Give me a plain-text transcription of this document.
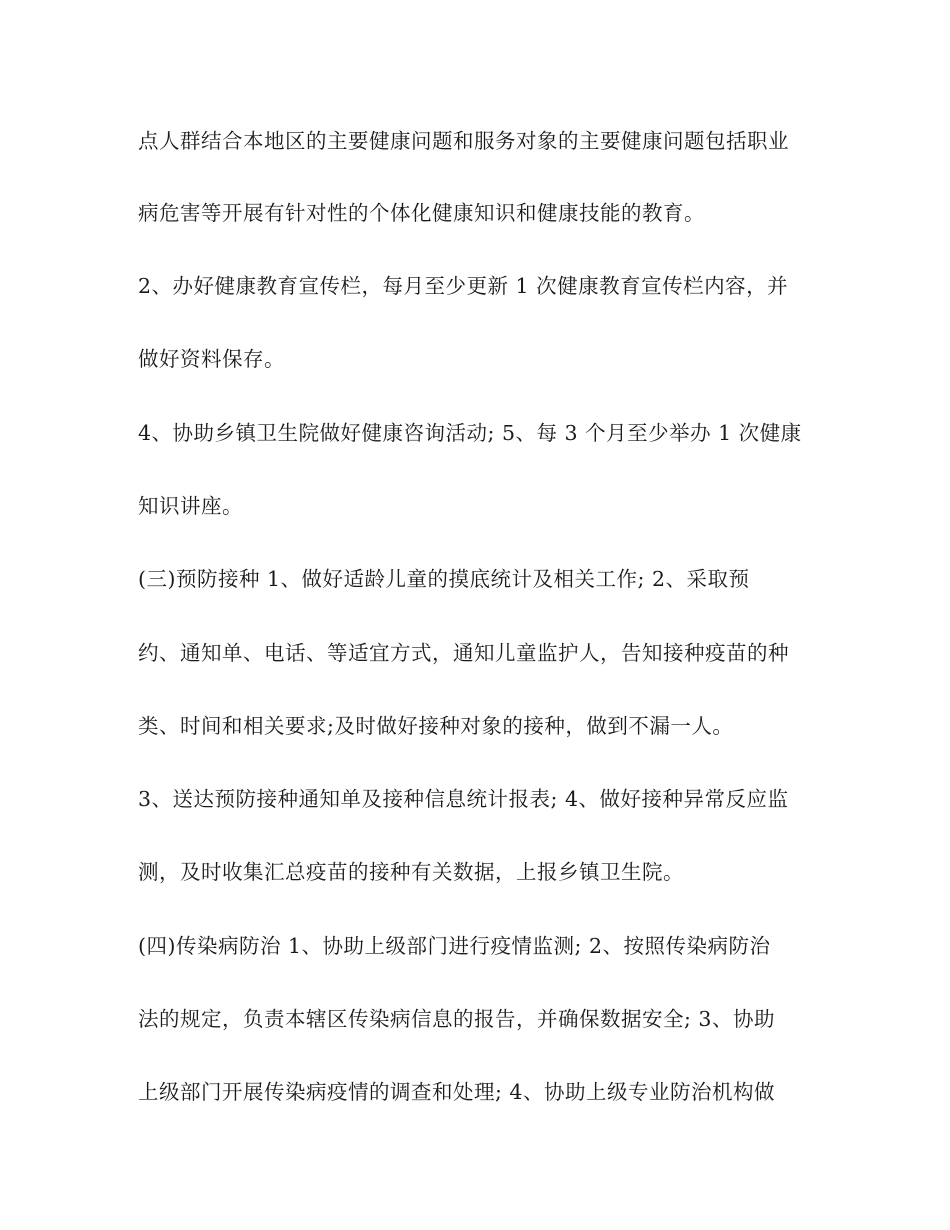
点人群结合本地区的主要健康问题和服务对象的主要健康问题包括职业
病危害等开展有针对性的个体化健康知识和健康技能的教育。
2、办好健康教育宣传栏，每月至少更新 1 次健康教育宣传栏内容，并
做好资料保存。
4、协助乡镇卫生院做好健康咨询活动; 5、每 3 个月至少举办 1 次健康
知识讲座。
(三)预防接种 1、做好适龄儿童的摸底统计及相关工作; 2、采取预
约、通知单、电话、等适宜方式，通知儿童监护人，告知接种疫苗的种
类、时间和相关要求;及时做好接种对象的接种，做到不漏一人。
3、送达预防接种通知单及接种信息统计报表; 4、做好接种异常反应监
测，及时收集汇总疫苗的接种有关数据，上报乡镇卫生院。
(四)传染病防治 1、协助上级部门进行疫情监测; 2、按照传染病防治
法的规定，负责本辖区传染病信息的报告，并确保数据安全; 3、协助
上级部门开展传染病疫情的调查和处理; 4、协助上级专业防治机构做
